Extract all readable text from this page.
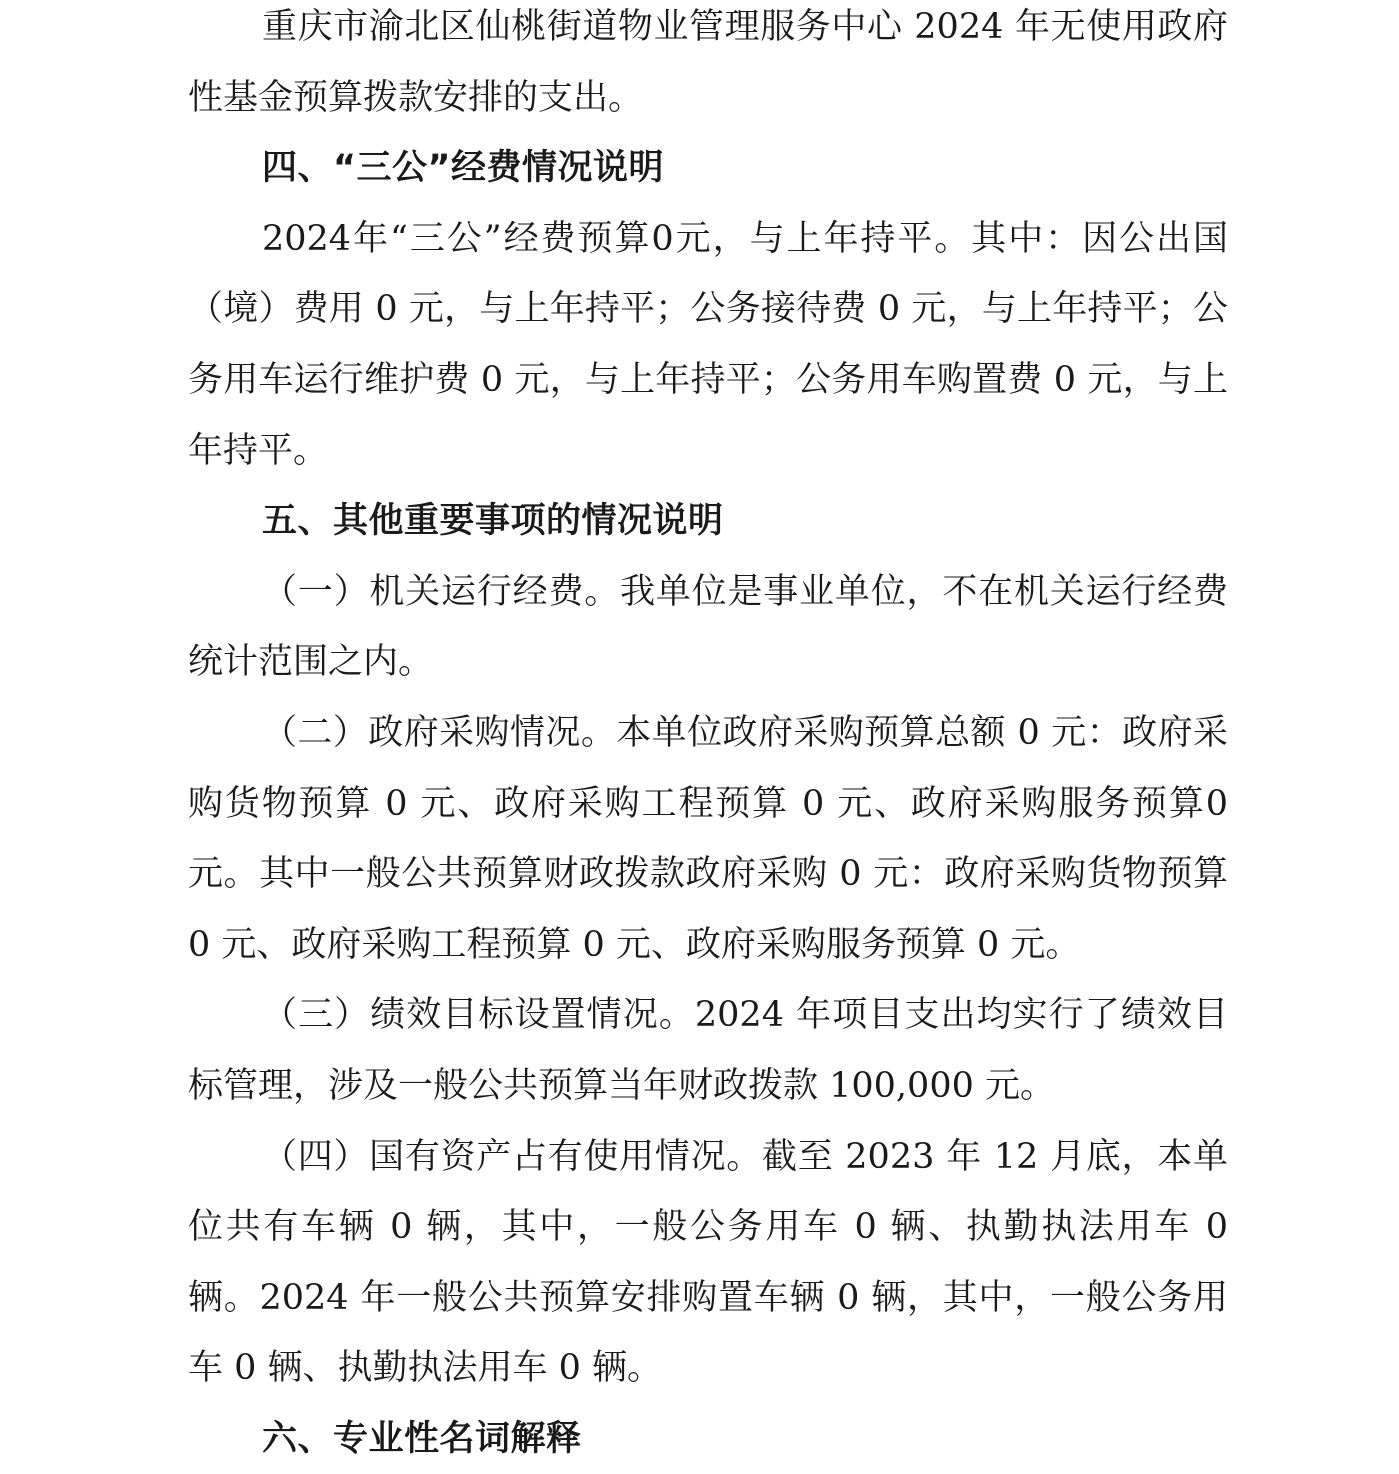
重庆市渝北区仙桃街道物业管理服务中心 2024 年无使用政府性基金预算拨款安排的支出。

四、“三公”经费情况说明

2024年“三公”经费预算0元，与上年持平。其中：因公出国（境）费用 0 元，与上年持平；公务接待费 0 元，与上年持平；公务用车运行维护费 0 元，与上年持平；公务用车购置费 0 元，与上年持平。

五、其他重要事项的情况说明

（一）机关运行经费。我单位是事业单位，不在机关运行经费统计范围之内。

（二）政府采购情况。本单位政府采购预算总额 0 元：政府采购货物预算 0 元、政府采购工程预算 0 元、政府采购服务预算0 元。其中一般公共预算财政拨款政府采购 0 元：政府采购货物预算 0 元、政府采购工程预算 0 元、政府采购服务预算 0 元。

（三）绩效目标设置情况。2024 年项目支出均实行了绩效目标管理，涉及一般公共预算当年财政拨款 100,000 元。

（四）国有资产占有使用情况。截至 2023 年 12 月底，本单位共有车辆 0 辆，其中，一般公务用车 0 辆、执勤执法用车 0 辆。2024 年一般公共预算安排购置车辆 0 辆，其中，一般公务用车 0 辆、执勤执法用车 0 辆。

六、专业性名词解释
